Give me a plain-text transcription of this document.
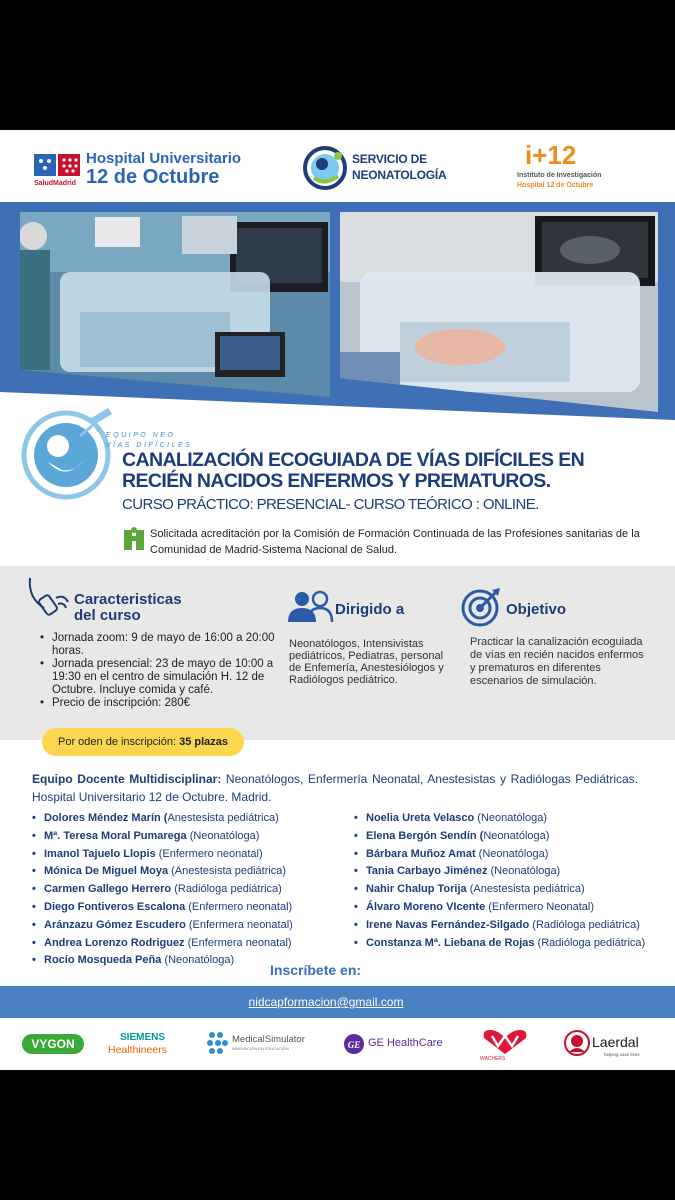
SaludMadrid
Hospital Universitario
12 de Octubre
SERVICIO DE
NEONATOLOGÍA
i+12
Instituto de Investigación
Hospital 12 de Octubre
EQUIPO NEO
VÍAS DIFÍCILES
CANALIZACIÓN ECOGUIADA DE VÍAS DIFÍCILES EN RECIÉN NACIDOS ENFERMOS Y PREMATUROS.
CURSO PRÁCTICO: PRESENCIAL- CURSO TEÓRICO : ONLINE.
Solicitada acreditación por la Comisión de Formación Continuada de las Profesiones sanitarias de la Comunidad de Madrid-Sistema Nacional de Salud.
Caracteristicas del curso
• Jornada zoom: 9 de mayo de 16:00 a 20:00 horas.
• Jornada presencial: 23 de mayo de 10:00 a 19:30 en el centro de simulación H. 12 de Octubre. Incluye comida y café.
• Precio de inscripción: 280€
Dirigido a
Neonatólogos, Intensivistas pediátricos, Pediatras, personal de Enfemería, Anestesiólogos y Radiólogos pediátrico.
Objetivo
Practicar la canalización ecoguiada de vías en recién nacidos enfermos y prematuros en diferentes escenarios de simulación.
Por oden de inscripción: 35 plazas
Equipo Docente Multidisciplinar: Neonatólogos, Enfermería Neonatal, Anestesistas y Radiólogas Pediátricas. Hospital Universitario 12 de Octubre. Madrid.
• Dolores Méndez Marín (Anestesista pediátrica)
• Mª. Teresa Moral Pumarega (Neonatóloga)
• Imanol Tajuelo Llopis (Enfermero neonatal)
• Mónica De Miguel Moya (Anestesista pediátrica)
• Carmen Gallego Herrero (Radióloga pediátrica)
• Diego Fontiveros Escalona (Enfermero neonatal)
• Aránzazu Gómez Escudero (Enfermera neonatal)
• Andrea Lorenzo Rodriguez (Enfermera neonatal)
• Rocío Mosqueda Peña (Neonatóloga)
• Noelia Ureta Velasco (Neonatóloga)
• Elena Bergón Sendín (Neonatóloga)
• Bárbara Muñoz Amat (Neonatóloga)
• Tania Carbayo Jiménez (Neonatóloga)
• Nahir Chalup Torija (Anestesista pediátrica)
• Álvaro Moreno VIcente (Enfermero Neonatal)
• Irene Navas Fernández-Silgado (Radióloga pediátrica)
• Constanza Mª. Liebana de Rojas (Radióloga pediátrica)
Inscríbete en:
nidcapformacion@gmail.com
VYGON	SIEMENS
Healthineers
MedicalSimulator
INNOVACIÓN EN EDUCACIÓN	GE GE HealthCare
WACHERS
Laerdal
helping save lives
